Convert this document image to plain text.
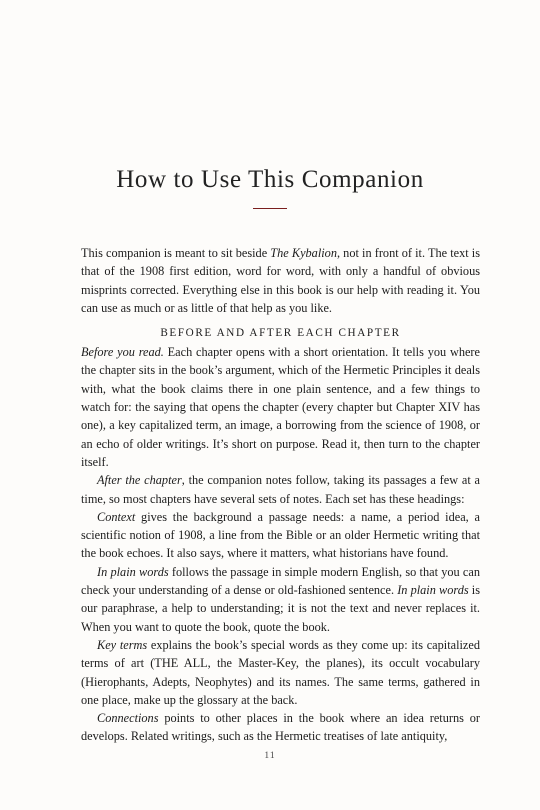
How to Use This Companion

This companion is meant to sit beside The Kybalion, not in front of it. The text is that of the 1908 first edition, word for word, with only a handful of obvious misprints corrected. Everything else in this book is our help with reading it. You can use as much or as little of that help as you like.

BEFORE AND AFTER EACH CHAPTER

Before you read. Each chapter opens with a short orientation. It tells you where the chapter sits in the book’s argument, which of the Hermetic Principles it deals with, what the book claims there in one plain sentence, and a few things to watch for: the saying that opens the chapter (every chapter but Chapter XIV has one), a key capitalized term, an image, a borrowing from the science of 1908, or an echo of older writings. It’s short on purpose. Read it, then turn to the chapter itself.

After the chapter, the companion notes follow, taking its passages a few at a time, so most chapters have several sets of notes. Each set has these headings:

Context gives the background a passage needs: a name, a period idea, a scientific notion of 1908, a line from the Bible or an older Hermetic writing that the book echoes. It also says, where it matters, what historians have found.

In plain words follows the passage in simple modern English, so that you can check your understanding of a dense or old-fashioned sentence. In plain words is our paraphrase, a help to understanding; it is not the text and never replaces it. When you want to quote the book, quote the book.

Key terms explains the book’s special words as they come up: its capitalized terms of art (THE ALL, the Master-Key, the planes), its occult vocabulary (Hierophants, Adepts, Neophytes) and its names. The same terms, gathered in one place, make up the glossary at the back.

Connections points to other places in the book where an idea returns or develops. Related writings, such as the Hermetic treatises of late antiquity,

11
